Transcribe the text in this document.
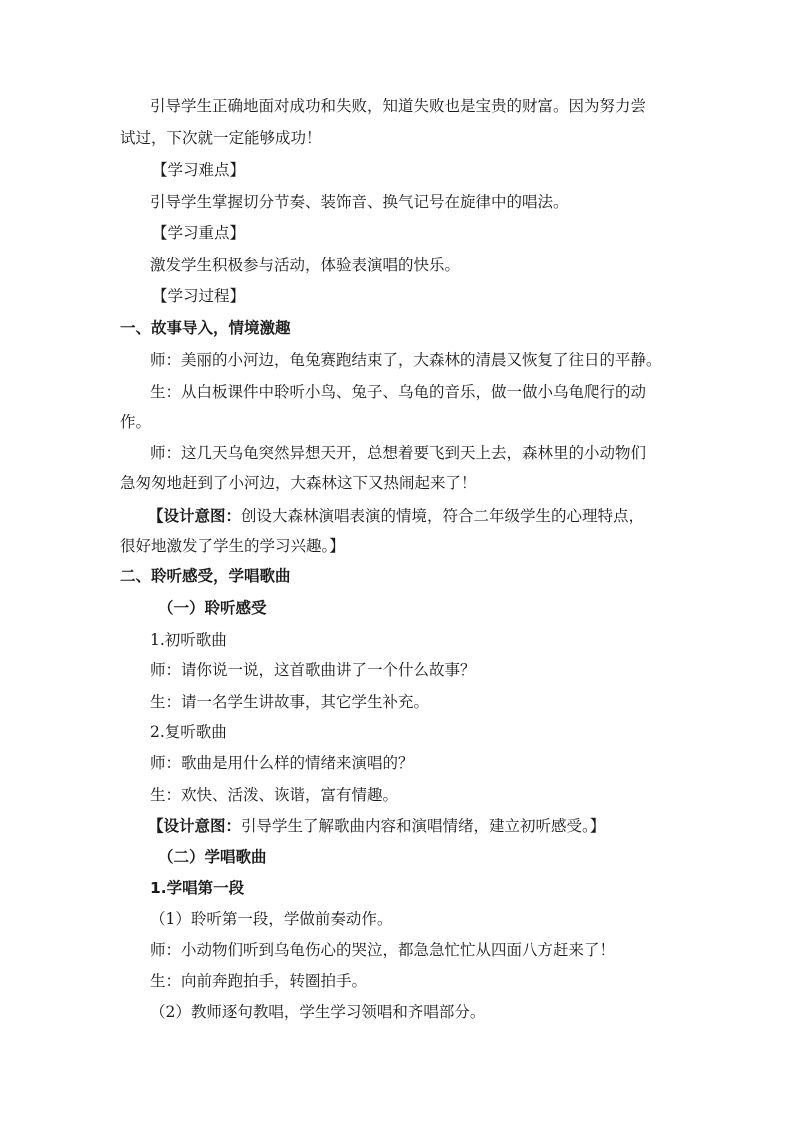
引导学生正确地面对成功和失败，知道失败也是宝贵的财富。因为努力尝
试过，下次就一定能够成功！
【学习难点】
引导学生掌握切分节奏、装饰音、换气记号在旋律中的唱法。
【学习重点】
激发学生积极参与活动，体验表演唱的快乐。
【学习过程】
一、故事导入，情境激趣
师：美丽的小河边，龟兔赛跑结束了，大森林的清晨又恢复了往日的平静。
生：从白板课件中聆听小鸟、兔子、乌龟的音乐，做一做小乌龟爬行的动
作。
师：这几天乌龟突然异想天开，总想着要飞到天上去，森林里的小动物们
急匆匆地赶到了小河边，大森林这下又热闹起来了！
【设计意图：创设大森林演唱表演的情境，符合二年级学生的心理特点，
很好地激发了学生的学习兴趣。】
二、聆听感受，学唱歌曲
（一）聆听感受
1.初听歌曲
师：请你说一说，这首歌曲讲了一个什么故事？
生：请一名学生讲故事，其它学生补充。
2.复听歌曲
师：歌曲是用什么样的情绪来演唱的？
生：欢快、活泼、诙谐，富有情趣。
【设计意图：引导学生了解歌曲内容和演唱情绪，建立初听感受。】
（二）学唱歌曲
1.学唱第一段
（1）聆听第一段，学做前奏动作。
师：小动物们听到乌龟伤心的哭泣，都急急忙忙从四面八方赶来了！
生：向前奔跑拍手，转圈拍手。
（2）教师逐句教唱，学生学习领唱和齐唱部分。
